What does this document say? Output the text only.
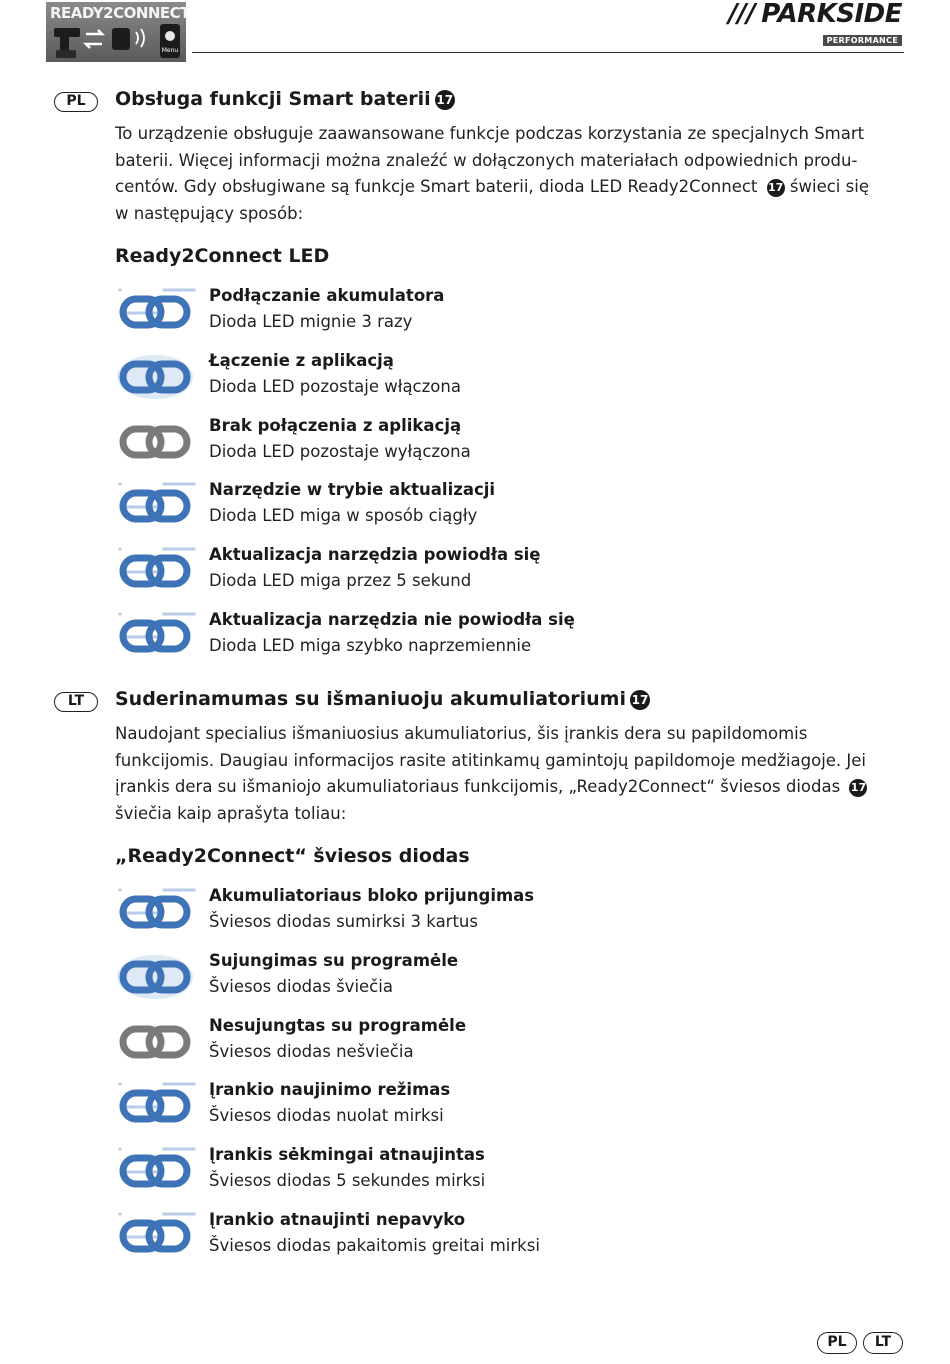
READY2CONNECT
Menu
/// PARKSIDE
PERFORMANCE
PL	Obsługa funkcji Smart baterii 17
To urządzenie obsługuje zaawansowane funkcje podczas korzystania ze specjalnych Smart baterii. Więcej informacji można znaleźć w dołączonych materiałach odpowiednich produ-centów. Gdy obsługiwane są funkcje Smart baterii, dioda LED Ready2Connect 17 świeci się w następujący sposób:
Ready2Connect LED
Podłączanie akumulatora
Dioda LED mignie 3 razy
Łączenie z aplikacją
Dioda LED pozostaje włączona
Brak połączenia z aplikacją
Dioda LED pozostaje wyłączona
Narzędzie w trybie aktualizacji
Dioda LED miga w sposób ciągły
Aktualizacja narzędzia powiodła się
Dioda LED miga przez 5 sekund
Aktualizacja narzędzia nie powiodła się
Dioda LED miga szybko naprzemiennie
LT	Suderinamumas su išmaniuoju akumuliatoriumi 17
Naudojant specialius išmaniuosius akumuliatorius, šis įrankis dera su papildomomis funkcijomis. Daugiau informacijos rasite atitinkamų gamintojų papildomoje medžiagoje. Jei įrankis dera su išmaniojo akumuliatoriaus funkcijomis, „Ready2Connect“ šviesos diodas 17 šviečia kaip aprašyta toliau:
„Ready2Connect“ šviesos diodas
Akumuliatoriaus bloko prijungimas
Šviesos diodas sumirksi 3 kartus
Sujungimas su programėle
Šviesos diodas šviečia
Nesujungtas su programėle
Šviesos diodas nešviečia
Įrankio naujinimo režimas
Šviesos diodas nuolat mirksi
Įrankis sėkmingai atnaujintas
Šviesos diodas 5 sekundes mirksi
Įrankio atnaujinti nepavyko
Šviesos diodas pakaitomis greitai mirksi
PL	LT
